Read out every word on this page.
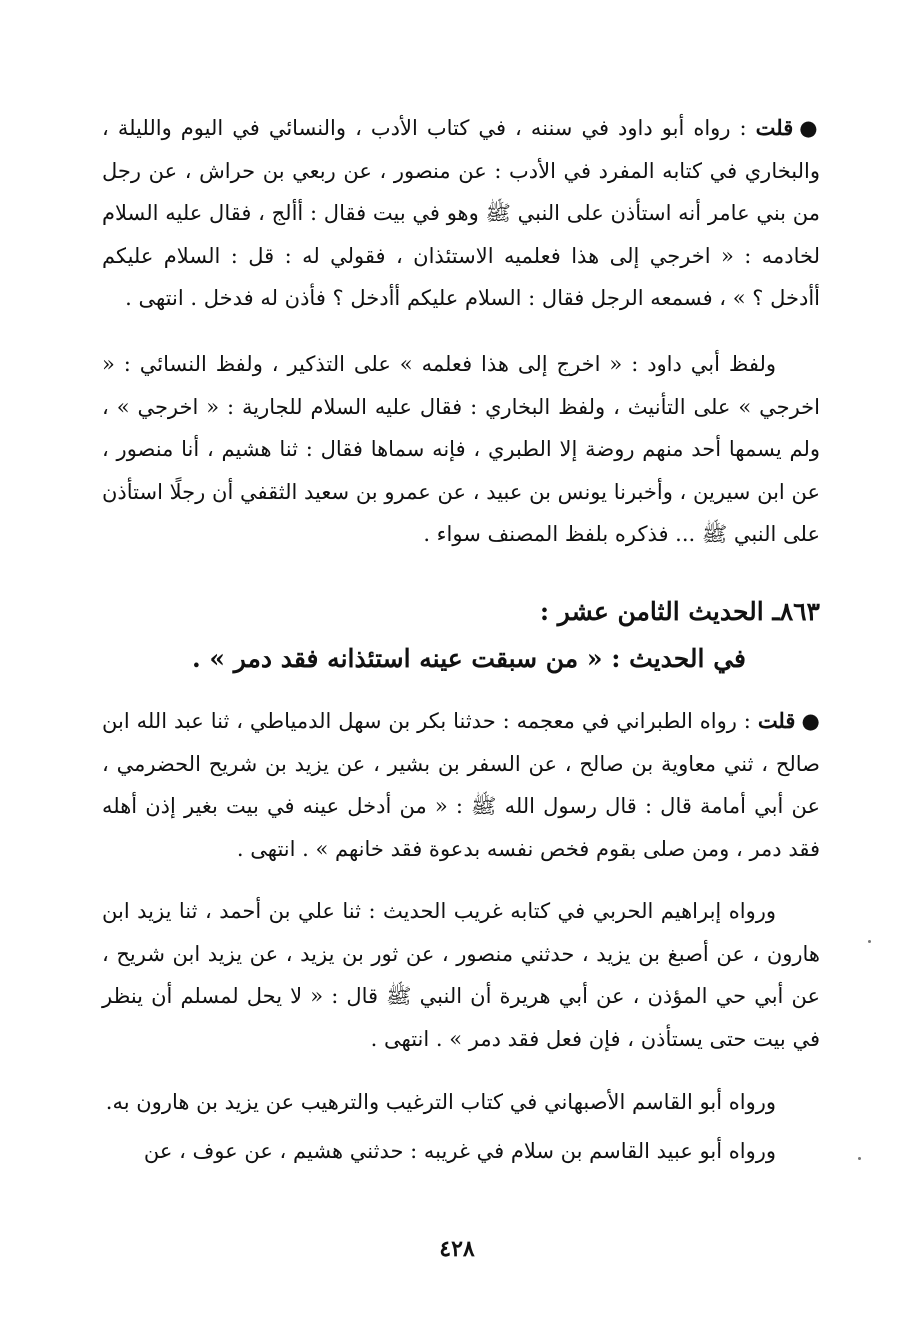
●قلت : رواه أبو داود في سننه ، في كتاب الأدب ، والنسائي في اليوم والليلة ، والبخاري في كتابه المفرد في الأدب : عن منصور ، عن ربعي بن حراش ، عن رجل من بني عامر أنه استأذن على النبي ﷺ وهو في بيت فقال : أألج ، فقال عليه السلام لخادمه : « اخرجي إلى هذا فعلميه الاستئذان ، فقولي له : قل : السلام عليكم أأدخل ؟ » ، فسمعه الرجل فقال : السلام عليكم أأدخل ؟ فأذن له فدخل . انتهى .

ولفظ أبي داود : « اخرج إلى هذا فعلمه » على التذكير ، ولفظ النسائي : « اخرجي » على التأنيث ، ولفظ البخاري : فقال عليه السلام للجارية : « اخرجي » ، ولم يسمها أحد منهم روضة إلا الطبري ، فإنه سماها فقال : ثنا هشيم ، أنا منصور ، عن ابن سيرين ، وأخبرنا يونس بن عبيد ، عن عمرو بن سعيد الثقفي أن رجلًا استأذن على النبي ﷺ ... فذكره بلفظ المصنف سواء .

٨٦٣ـ الحديث الثامن عشر :

في الحديث : « من سبقت عينه استئذانه فقد دمر » .

●قلت : رواه الطبراني في معجمه : حدثنا بكر بن سهل الدمياطي ، ثنا عبد الله ابن صالح ، ثني معاوية بن صالح ، عن السفر بن بشير ، عن يزيد بن شريح الحضرمي ، عن أبي أمامة قال : قال رسول الله ﷺ : « من أدخل عينه في بيت بغير إذن أهله فقد دمر ، ومن صلى بقوم فخص نفسه بدعوة فقد خانهم » . انتهى .

ورواه إبراهيم الحربي في كتابه غريب الحديث : ثنا علي بن أحمد ، ثنا يزيد ابن هارون ، عن أصبغ بن يزيد ، حدثني منصور ، عن ثور بن يزيد ، عن يزيد ابن شريح ، عن أبي حي المؤذن ، عن أبي هريرة أن النبي ﷺ قال : « لا يحل لمسلم أن ينظر في بيت حتى يستأذن ، فإن فعل فقد دمر » . انتهى .

ورواه أبو القاسم الأصبهاني في كتاب الترغيب والترهيب عن يزيد بن هارون به.

ورواه أبو عبيد القاسم بن سلام في غريبه : حدثني هشيم ، عن عوف ، عن

٤٢٨
